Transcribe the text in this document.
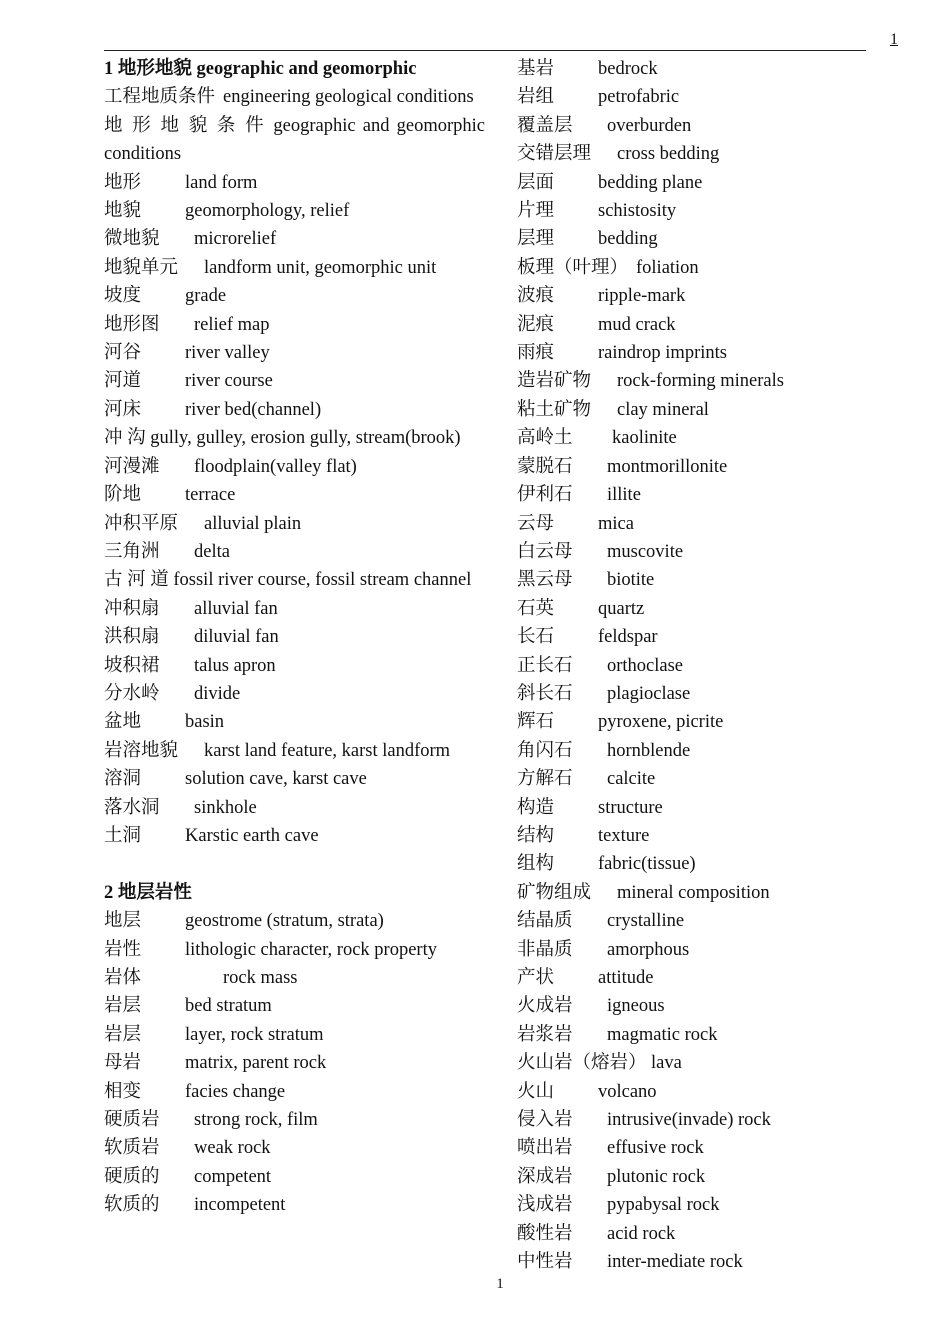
1
1 地形地貌 geographic and geomorphic
工程地质条件 engineering geological conditions
地 形 地 貌 条 件 geographic and geomorphic conditions
地形	land form
地貌	geomorphology, relief
微地貌	microrelief
地貌单元	landform unit, geomorphic unit
坡度	grade
地形图	relief map
河谷	river valley
河道	river course
河床	river bed(channel)
冲 沟 gully, gulley, erosion gully, stream(brook)
河漫滩	floodplain(valley flat)
阶地	terrace
冲积平原	alluvial plain
三角洲	delta
古 河 道 fossil river course, fossil stream channel
冲积扇	alluvial fan
洪积扇	diluvial fan
坡积裙	talus apron
分水岭	divide
盆地	basin
岩溶地貌	karst land feature, karst landform
溶洞	solution cave, karst cave
落水洞	sinkhole
土洞	Karstic earth cave
2 地层岩性
地层	geostrome (stratum, strata)
岩性	lithologic character, rock property
岩体	rock mass
岩层	bed stratum
岩层	layer, rock stratum
母岩	matrix, parent rock
相变	facies change
硬质岩	strong rock, film
软质岩	weak rock
硬质的	competent
软质的	incompetent
基岩	bedrock
岩组	petrofabric
覆盖层	overburden
交错层理	cross bedding
层面	bedding plane
片理	schistosity
层理	bedding
板理（叶理） foliation
波痕	ripple-mark
泥痕	mud crack
雨痕	raindrop imprints
造岩矿物	rock-forming minerals
粘土矿物	clay mineral
高岭土	kaolinite
蒙脱石	montmorillonite
伊利石	illite
云母	mica
白云母	muscovite
黑云母	biotite
石英	quartz
长石	feldspar
正长石	orthoclase
斜长石	plagioclase
辉石	pyroxene, picrite
角闪石	hornblende
方解石	calcite
构造	structure
结构	texture
组构	fabric(tissue)
矿物组成	mineral composition
结晶质	crystalline
非晶质	amorphous
产状	attitude
火成岩	igneous
岩浆岩	magmatic rock
火山岩（熔岩） lava
火山	volcano
侵入岩	intrusive(invade) rock
喷出岩	effusive rock
深成岩	plutonic rock
浅成岩	pypabysal rock
酸性岩	acid rock
中性岩	inter-mediate rock
1
